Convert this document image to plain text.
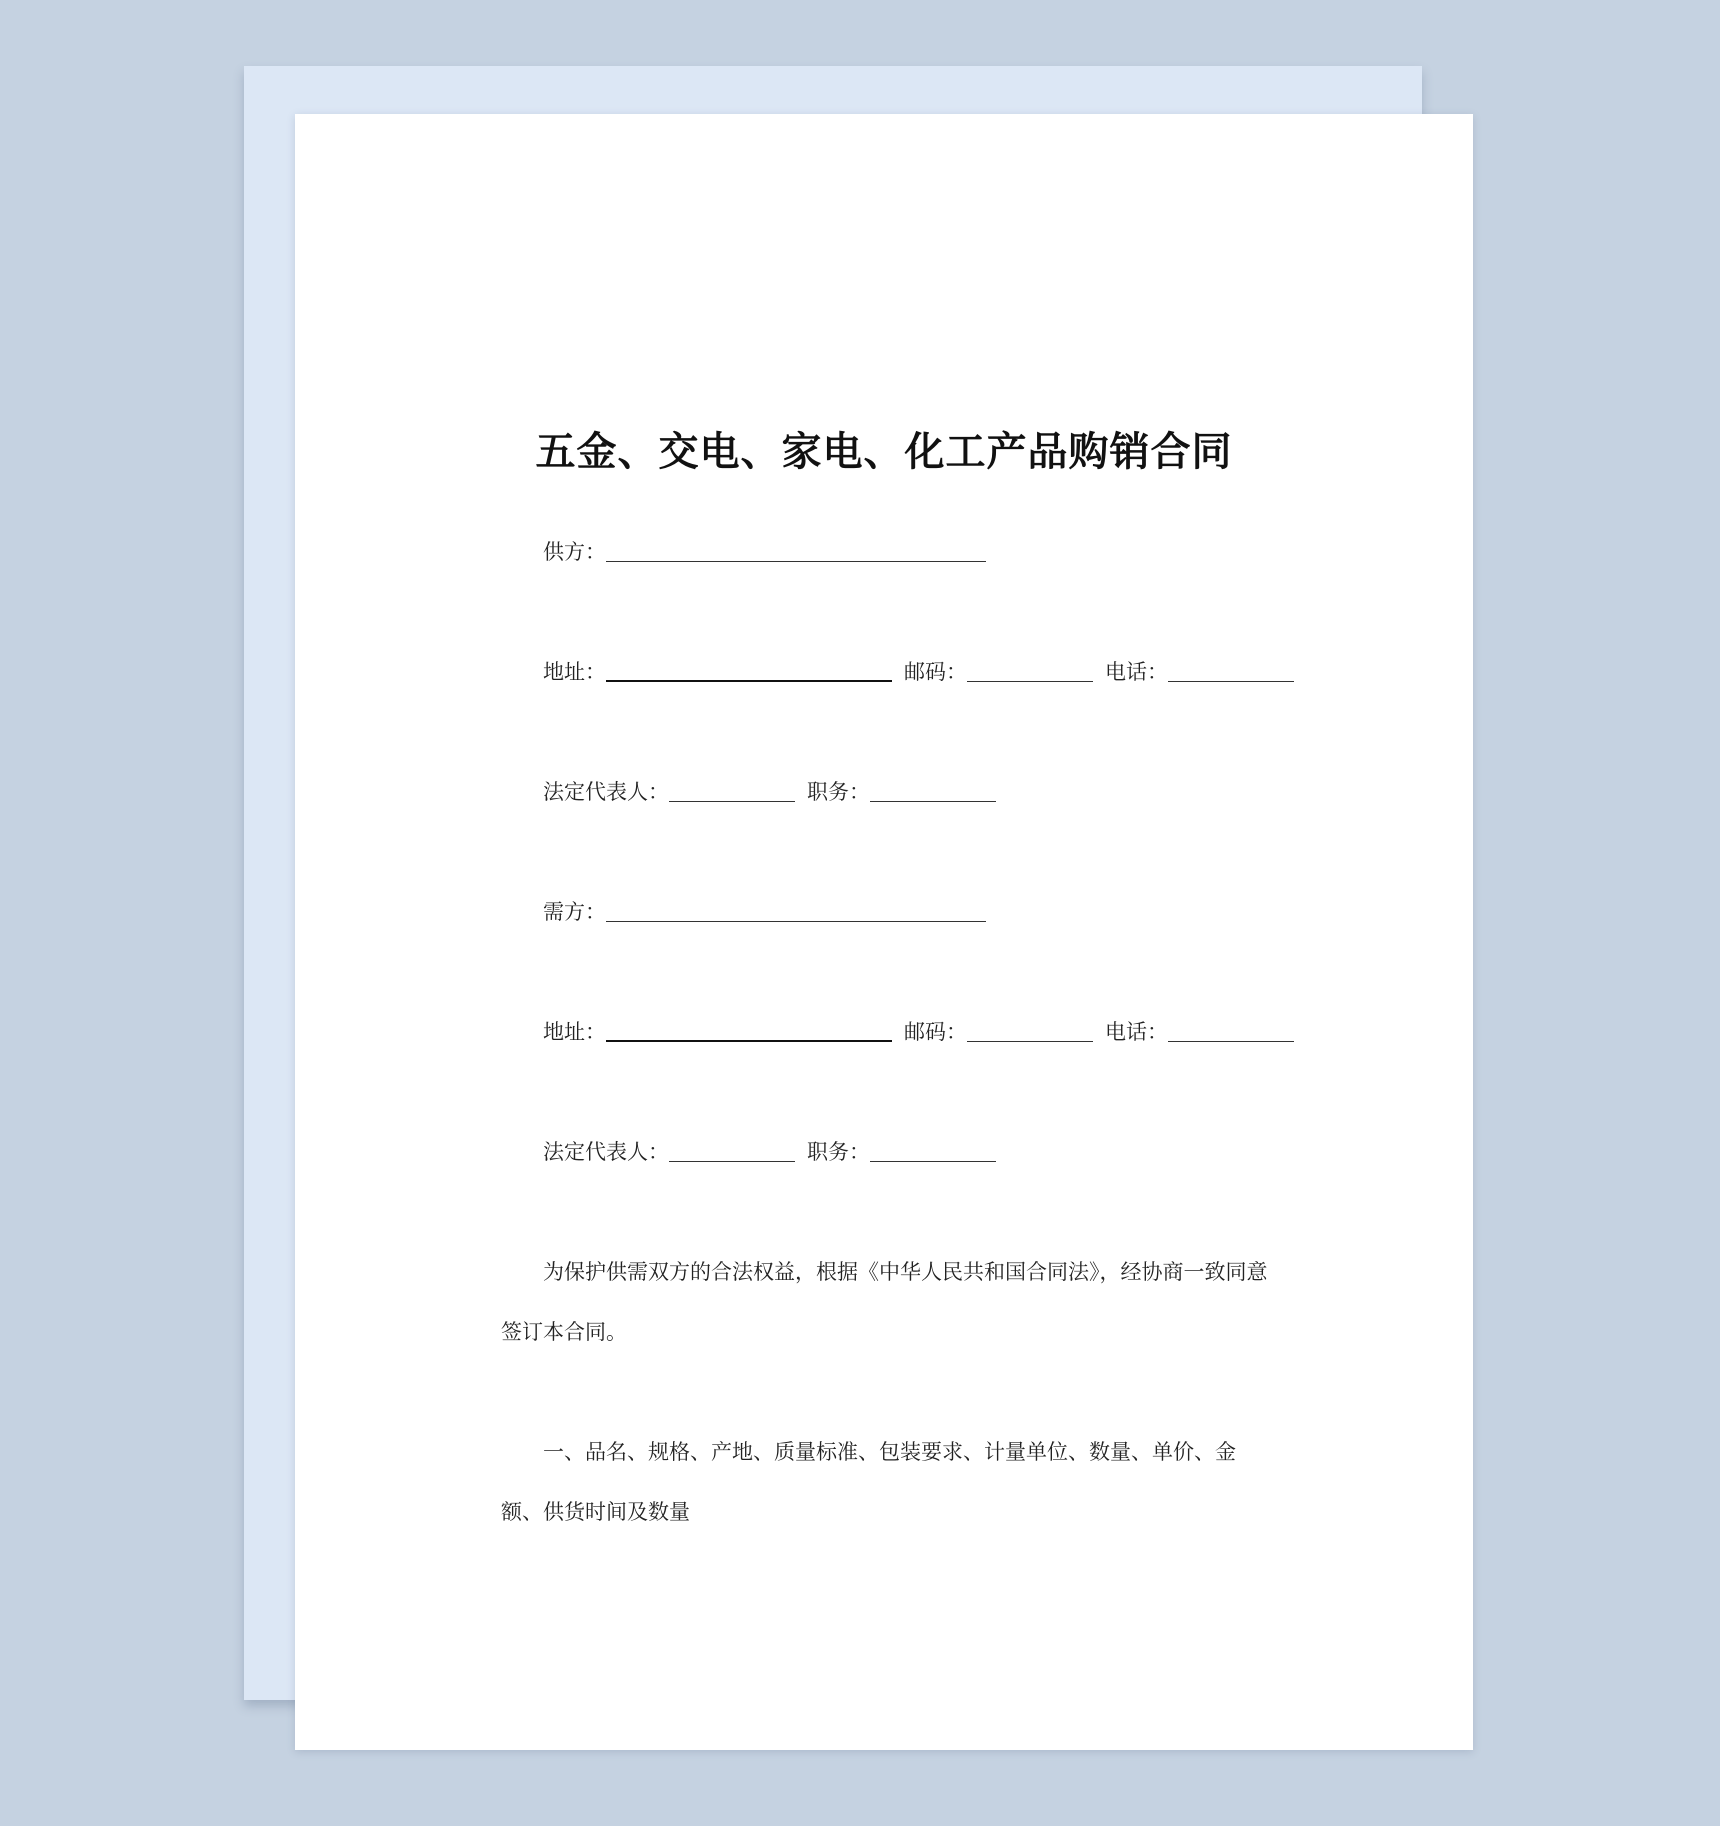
五金、交电、家电、化工产品购销合同
供方：
地址：	邮码：	电话：
法定代表人：	职务：
需方：
地址：	邮码：	电话：
法定代表人：	职务：

为保护供需双方的合法权益，根据《中华人民共和国合同法》，经协商一致同意签订本合同。

一、品名、规格、产地、质量标准、包装要求、计量单位、数量、单价、金额、供货时间及数量
